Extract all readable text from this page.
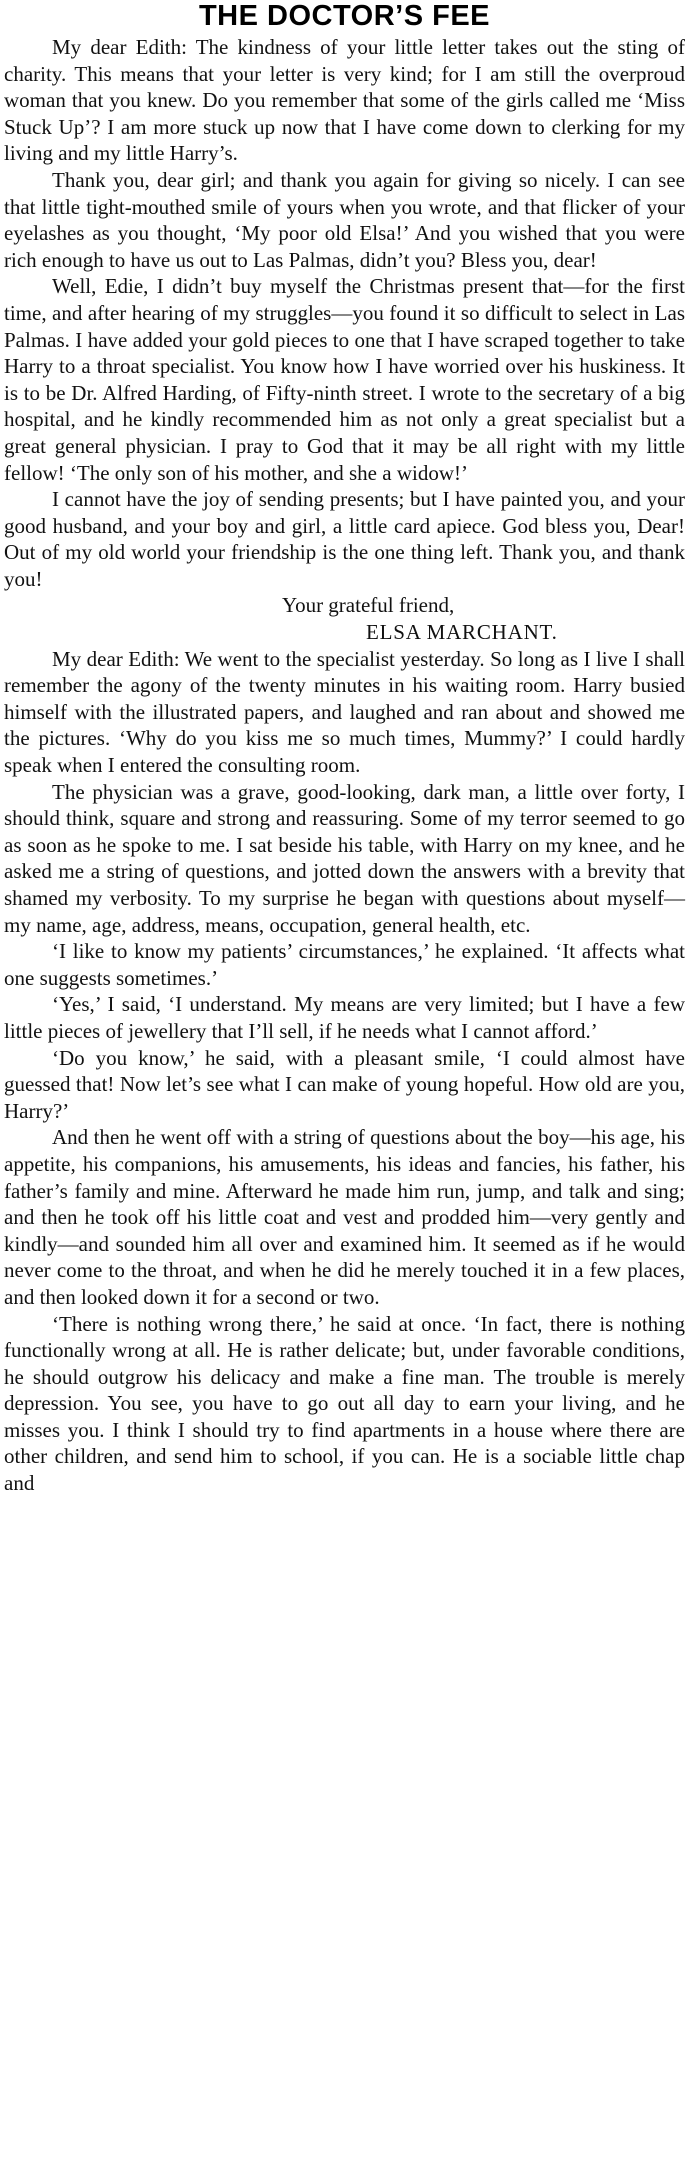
THE DOCTOR’S FEE

My dear Edith: The kindness of your little letter takes out the sting of charity. This means that your letter is very kind; for I am still the overproud woman that you knew. Do you remember that some of the girls called me ‘Miss Stuck Up’? I am more stuck up now that I have come down to clerking for my living and my little Harry’s.

Thank you, dear girl; and thank you again for giving so nicely. I can see that little tight-mouthed smile of yours when you wrote, and that flicker of your eyelashes as you thought, ‘My poor old Elsa!’ And you wished that you were rich enough to have us out to Las Palmas, didn’t you? Bless you, dear!

Well, Edie, I didn’t buy myself the Christmas present that—for the first time, and after hearing of my struggles—you found it so difficult to select in Las Palmas. I have added your gold pieces to one that I have scraped together to take Harry to a throat specialist. You know how I have worried over his huskiness. It is to be Dr. Alfred Harding, of Fifty-ninth street. I wrote to the secretary of a big hospital, and he kindly recommended him as not only a great specialist but a great general physician. I pray to God that it may be all right with my little fellow! ‘The only son of his mother, and she a widow!’

I cannot have the joy of sending presents; but I have painted you, and your good husband, and your boy and girl, a little card apiece. God bless you, Dear! Out of my old world your friendship is the one thing left. Thank you, and thank you!

Your grateful friend,
ELSA MARCHANT.

My dear Edith: We went to the specialist yesterday. So long as I live I shall remember the agony of the twenty minutes in his waiting room. Harry busied himself with the illustrated papers, and laughed and ran about and showed me the pictures. ‘Why do you kiss me so much times, Mummy?’ I could hardly speak when I entered the consulting room.

The physician was a grave, good-looking, dark man, a little over forty, I should think, square and strong and reassuring. Some of my terror seemed to go as soon as he spoke to me. I sat beside his table, with Harry on my knee, and he asked me a string of questions, and jotted down the answers with a brevity that shamed my verbosity. To my surprise he began with questions about myself—my name, age, address, means, occupation, general health, etc.

‘I like to know my patients’ circumstances,’ he explained. ‘It affects what one suggests sometimes.’

‘Yes,’ I said, ‘I understand. My means are very limited; but I have a few little pieces of jewellery that I’ll sell, if he needs what I cannot afford.’

‘Do you know,’ he said, with a pleasant smile, ‘I could almost have guessed that! Now let’s see what I can make of young hopeful. How old are you, Harry?’

And then he went off with a string of questions about the boy—his age, his appetite, his companions, his amusements, his ideas and fancies, his father, his father’s family and mine. Afterward he made him run, jump, and talk and sing; and then he took off his little coat and vest and prodded him—very gently and kindly—and sounded him all over and examined him. It seemed as if he would never come to the throat, and when he did he merely touched it in a few places, and then looked down it for a second or two.

‘There is nothing wrong there,’ he said at once. ‘In fact, there is nothing functionally wrong at all. He is rather delicate; but, under favorable conditions, he should outgrow his delicacy and make a fine man. The trouble is merely depression. You see, you have to go out all day to earn your living, and he misses you. I think I should try to find apartments in a house where there are other children, and send him to school, if you can. He is a sociable little chap and
